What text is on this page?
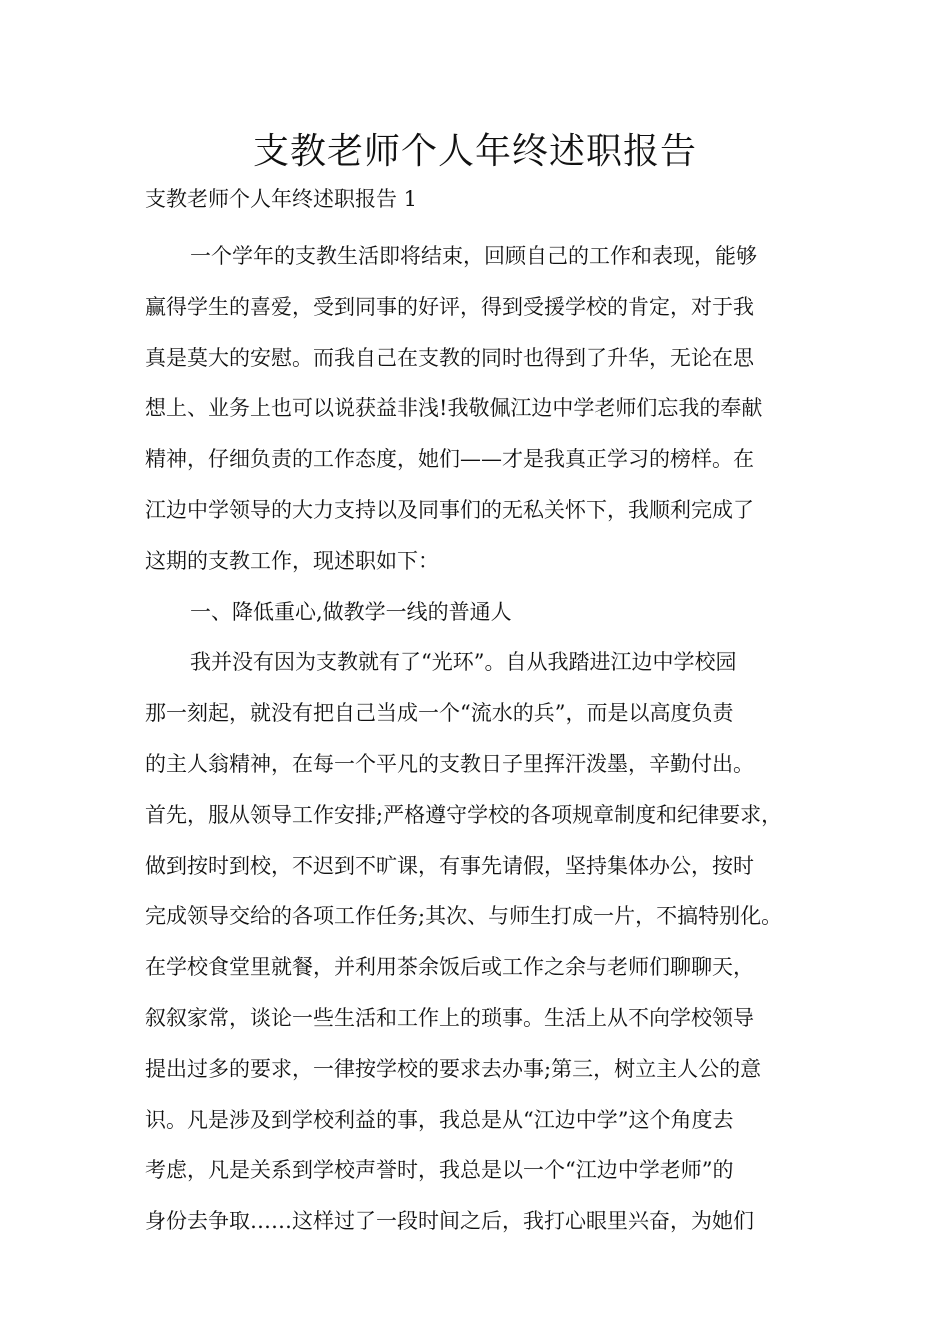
支教老师个人年终述职报告

支教老师个人年终述职报告 1

一个学年的支教生活即将结束，回顾自己的工作和表现，能够

赢得学生的喜爱，受到同事的好评，得到受援学校的肯定，对于我

真是莫大的安慰。而我自己在支教的同时也得到了升华，无论在思

想上、业务上也可以说获益非浅!我敬佩江边中学老师们忘我的奉献

精神，仔细负责的工作态度，她们——才是我真正学习的榜样。在

江边中学领导的大力支持以及同事们的无私关怀下，我顺利完成了

这期的支教工作，现述职如下：

一、降低重心,做教学一线的普通人

我并没有因为支教就有了“光环”。自从我踏进江边中学校园

那一刻起，就没有把自己当成一个“流水的兵”，而是以高度负责

的主人翁精神，在每一个平凡的支教日子里挥汗泼墨，辛勤付出。

首先，服从领导工作安排;严格遵守学校的各项规章制度和纪律要求，

做到按时到校，不迟到不旷课，有事先请假，坚持集体办公，按时

完成领导交给的各项工作任务;其次、与师生打成一片，不搞特别化。

在学校食堂里就餐，并利用茶余饭后或工作之余与老师们聊聊天，

叙叙家常，谈论一些生活和工作上的琐事。生活上从不向学校领导

提出过多的要求，一律按学校的要求去办事;第三，树立主人公的意

识。凡是涉及到学校利益的事，我总是从“江边中学”这个角度去

考虑，凡是关系到学校声誉时，我总是以一个“江边中学老师”的

身份去争取……这样过了一段时间之后，我打心眼里兴奋，为她们
